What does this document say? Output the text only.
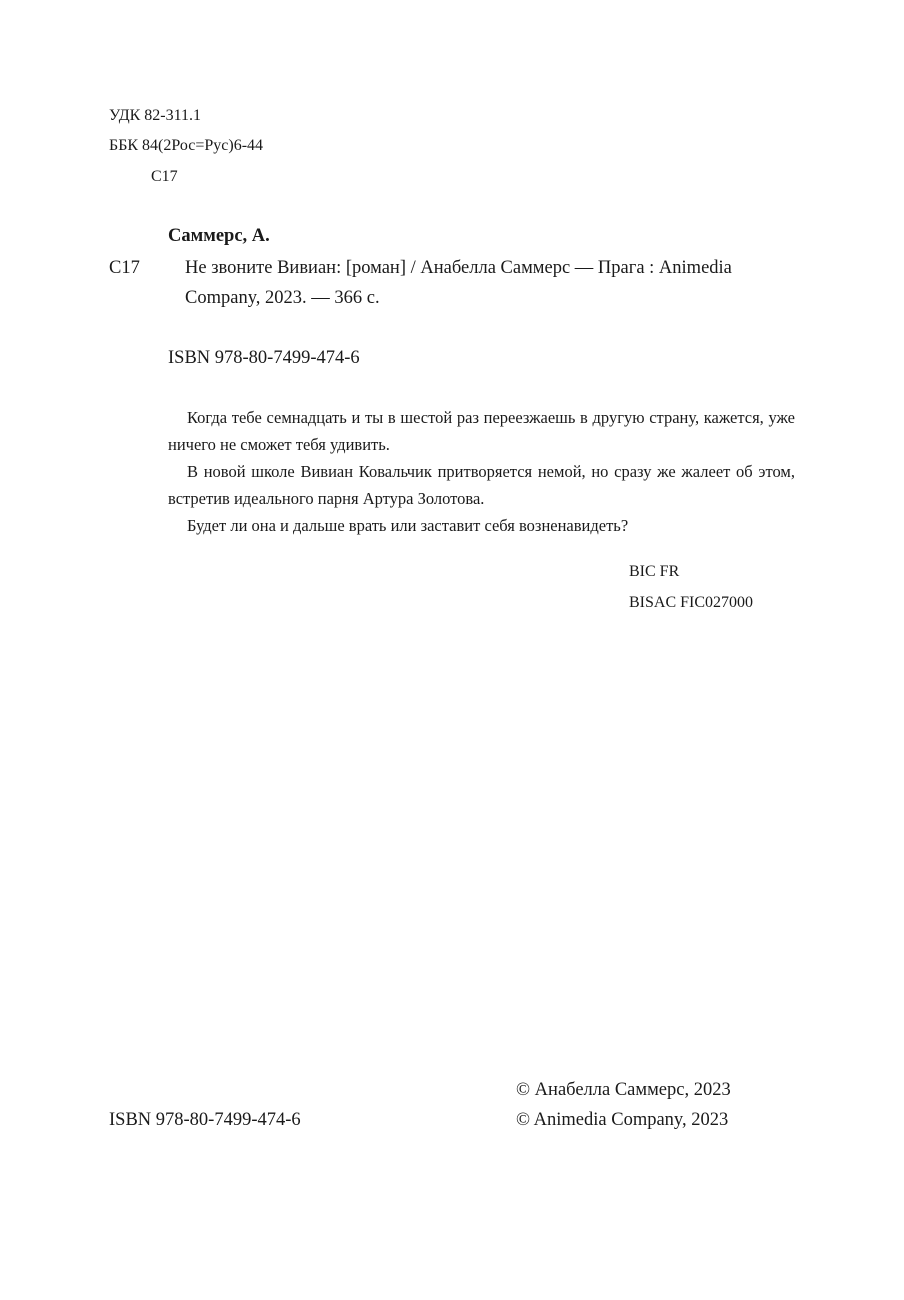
УДК 82-311.1
ББК 84(2Рос=Рус)6-44
С17
Саммерс, А.
С17 Не звоните Вивиан: [роман] / Анабелла Саммерс — Прага : Animedia
Company, 2023. — 366 с.
ISBN 978-80-7499-474-6

Когда тебе семнадцать и ты в шестой раз переезжаешь в другую страну, кажется, уже ничего не сможет тебя удивить.

В новой школе Вивиан Ковальчик притворяется немой, но сразу же жалеет об этом, встретив идеального парня Артура Золотова.

Будет ли она и дальше врать или заставит себя возненавидеть?

BIC FR
BISAC FIC027000
© Анабелла Саммерс, 2023
ISBN 978-80-7499-474-6	© Animedia Company, 2023
